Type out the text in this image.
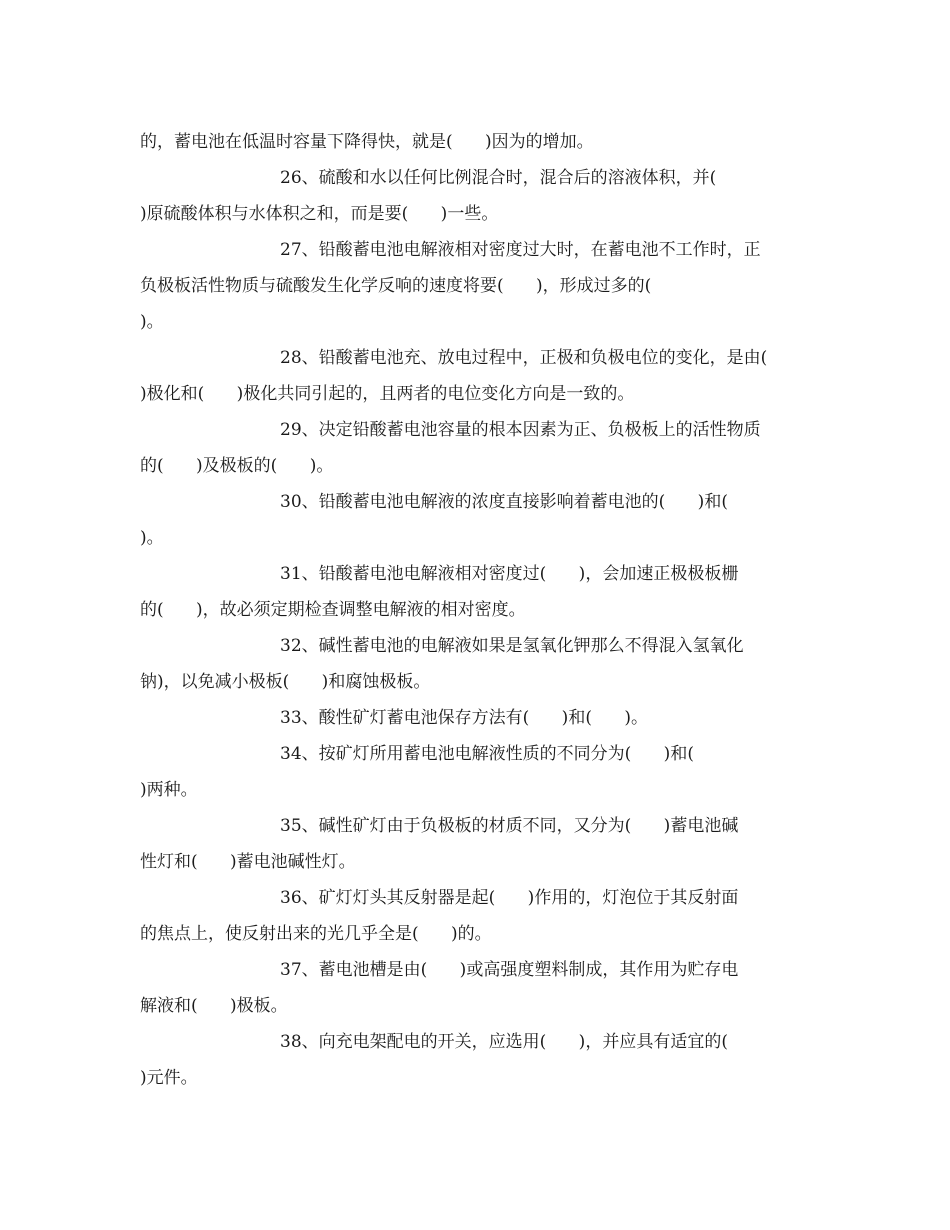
的，蓄电池在低温时容量下降得快，就是(      )因为的增加。
26、硫酸和水以任何比例混合时，混合后的溶液体积，并(
)原硫酸体积与水体积之和，而是要(      )一些。
27、铅酸蓄电池电解液相对密度过大时，在蓄电池不工作时，正
负极板活性物质与硫酸发生化学反响的速度将要(      )，形成过多的(
)。
28、铅酸蓄电池充、放电过程中，正极和负极电位的变化，是由(
)极化和(      )极化共同引起的，且两者的电位变化方向是一致的。
29、决定铅酸蓄电池容量的根本因素为正、负极板上的活性物质
的(      )及极板的(      )。
30、铅酸蓄电池电解液的浓度直接影响着蓄电池的(      )和(
)。
31、铅酸蓄电池电解液相对密度过(      )，会加速正极极板栅
的(      )，故必须定期检查调整电解液的相对密度。
32、碱性蓄电池的电解液如果是氢氧化钾那么不得混入氢氧化
钠)，以免减小极板(      )和腐蚀极板。
33、酸性矿灯蓄电池保存方法有(      )和(      )。
34、按矿灯所用蓄电池电解液性质的不同分为(      )和(
)两种。
35、碱性矿灯由于负极板的材质不同，又分为(      )蓄电池碱
性灯和(      )蓄电池碱性灯。
36、矿灯灯头其反射器是起(      )作用的，灯泡位于其反射面
的焦点上，使反射出来的光几乎全是(      )的。
37、蓄电池槽是由(      )或高强度塑料制成，其作用为贮存电
解液和(      )极板。
38、向充电架配电的开关，应选用(      )，并应具有适宜的(
)元件。
